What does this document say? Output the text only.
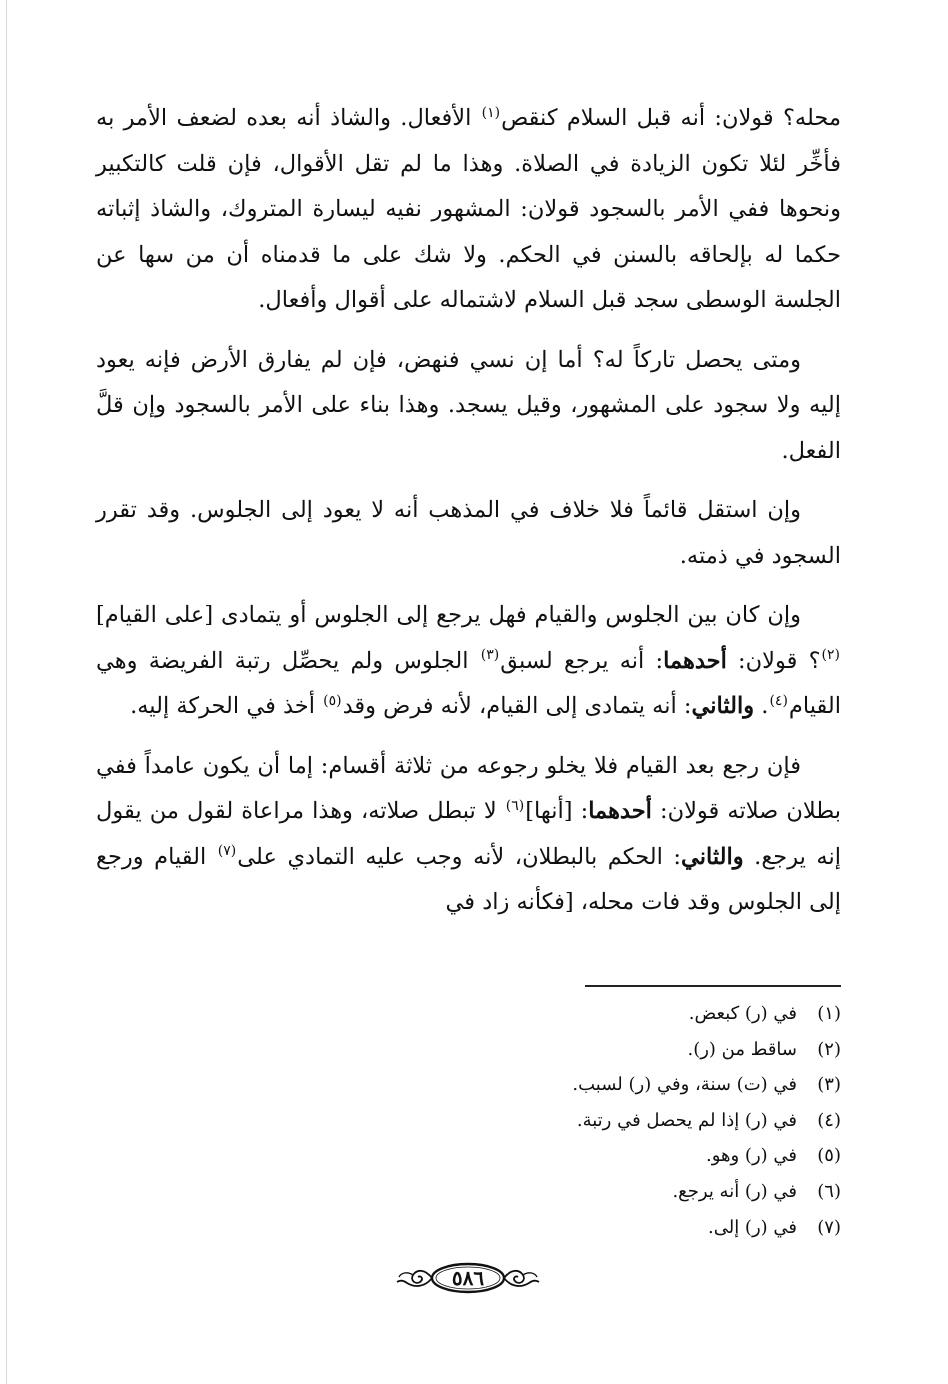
محله؟ قولان: أنه قبل السلام كنقص$^{(١)}$ الأفعال. والشاذ أنه بعده لضعف الأمر به فأخِّر لئلا تكون الزيادة في الصلاة. وهذا ما لم تقل الأقوال، فإن قلت كالتكبير ونحوها ففي الأمر بالسجود قولان: المشهور نفيه ليسارة المتروك، والشاذ إثباته حكما له بإلحاقه بالسنن في الحكم. ولا شك على ما قدمناه أن من سها عن الجلسة الوسطى سجد قبل السلام لاشتماله على أقوال وأفعال.

ومتى يحصل تاركاً له؟ أما إن نسي فنهض، فإن لم يفارق الأرض فإنه يعود إليه ولا سجود على المشهور، وقيل يسجد. وهذا بناء على الأمر بالسجود وإن قلَّ الفعل.

وإن استقل قائماً فلا خلاف في المذهب أنه لا يعود إلى الجلوس. وقد تقرر السجود في ذمته.

وإن كان بين الجلوس والقيام فهل يرجع إلى الجلوس أو يتمادى [على القيام]$^{(٢)}$؟ قولان: أحدهما: أنه يرجع لسبق$^{(٣)}$ الجلوس ولم يحصِّل رتبة الفريضة وهي القيام$^{(٤)}$. والثاني: أنه يتمادى إلى القيام، لأنه فرض وقد$^{(٥)}$ أخذ في الحركة إليه.

فإن رجع بعد القيام فلا يخلو رجوعه من ثلاثة أقسام: إما أن يكون عامداً ففي بطلان صلاته قولان: أحدهما: [أنها]$^{(٦)}$ لا تبطل صلاته، وهذا مراعاة لقول من يقول إنه يرجع. والثاني: الحكم بالبطلان، لأنه وجب عليه التمادي على$^{(٧)}$ القيام ورجع إلى الجلوس وقد فات محله، [فكأنه زاد في

(١)في (ر) كبعض.
(٢)ساقط من (ر).
(٣)في (ت) سنة، وفي (ر) لسبب.
(٤)في (ر) إذا لم يحصل في رتبة.
(٥)في (ر) وهو.
(٦)في (ر) أنه يرجع.
(٧)في (ر) إلى.
٥٨٦
